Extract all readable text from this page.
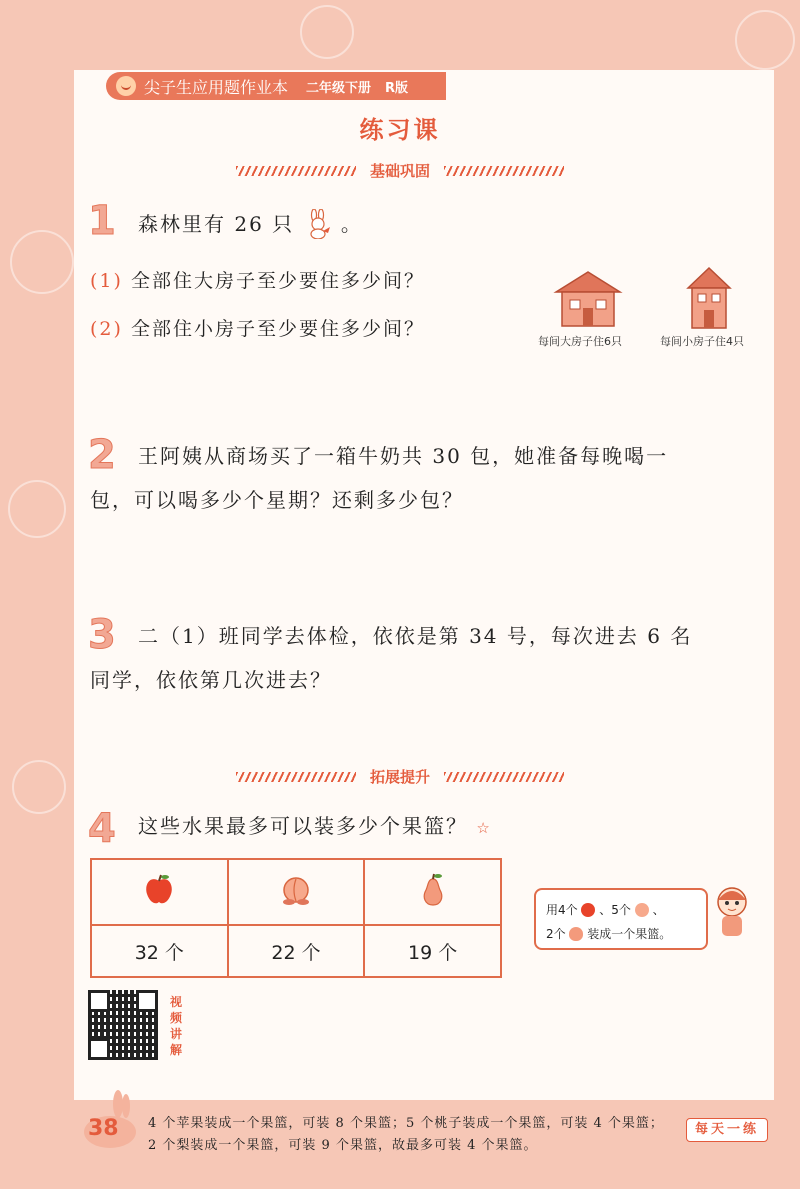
尖子生应用题作业本 二年级下册 R版
练习课
基础巩固
1 森林里有 26 只 。
(1) 全部住大房子至少要住多少间？
(2) 全部住小房子至少要住多少间？
每间大房子住6只	每间小房子住4只
2 王阿姨从商场买了一箱牛奶共 30 包，她准备每晚喝一
包，可以喝多少个星期？还剩多少包？
3 二（1）班同学去体检，依依是第 34 号，每次进去 6 名
同学，依依第几次进去？
拓展提升
4 这些水果最多可以装多少个果篮？ ☆

32 个	22 个	19 个
用4个 、5个 、
2个 装成一个果篮。
视频讲解
38 4 个苹果装成一个果篮，可装 8 个果篮；5 个桃子装成一个果篮，可装 4 个果篮；2 个梨装成一个果篮，可装 9 个果篮，故最多可装 4 个果篮。
每天一练
